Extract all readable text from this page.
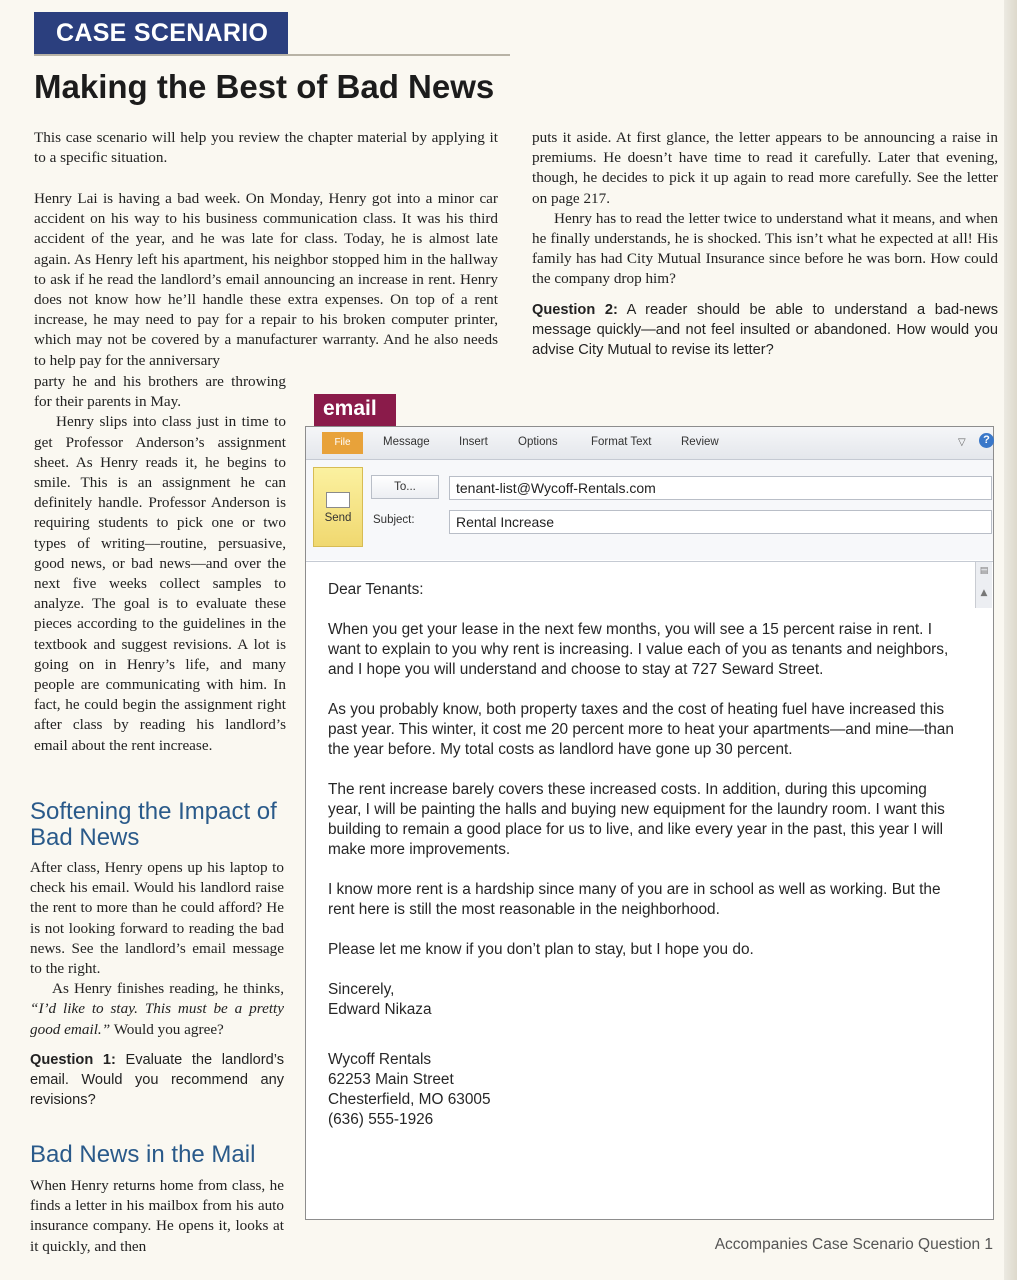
CASE SCENARIO
Making the Best of Bad News

This case scenario will help you review the chapter material by applying it to a specific situation.

Henry Lai is having a bad week. On Monday, Henry got into a minor car accident on his way to his business communication class. It was his third accident of the year, and he was late for class. Today, he is almost late again. As Henry left his apartment, his neighbor stopped him in the hallway to ask if he read the landlord’s email announcing an increase in rent. Henry does not know how he’ll handle these extra expenses. On top of a rent increase, he may need to pay for a repair to his broken computer printer, which may not be covered by a manufacturer warranty. And he also needs to help pay for the anniversary

party he and his brothers are throwing for their parents in May.

Henry slips into class just in time to get Professor Anderson’s assignment sheet. As Henry reads it, he begins to smile. This is an assignment he can definitely handle. Professor Anderson is requiring students to pick one or two types of writing—routine, persuasive, good news, or bad news—and over the next five weeks collect samples to analyze. The goal is to evaluate these pieces according to the guidelines in the textbook and suggest revisions. A lot is going on in Henry’s life, and many people are communicating with him. In fact, he could begin the assignment right after class by reading his landlord’s email about the rent increase.

Softening the Impact of Bad News

After class, Henry opens up his laptop to check his email. Would his landlord raise the rent to more than he could afford? He is not looking forward to reading the bad news. See the landlord’s email message to the right.

As Henry finishes reading, he thinks, “I’d like to stay. This must be a pretty good email.” Would you agree?

Question 1: Evaluate the landlord’s email. Would you recommend any revisions?
Bad News in the Mail

When Henry returns home from class, he finds a letter in his mailbox from his auto insurance company. He opens it, looks at it quickly, and then

puts it aside. At first glance, the letter appears to be announcing a raise in premiums. He doesn’t have time to read it carefully. Later that evening, though, he decides to pick it up again to read more carefully. See the letter on page 217.

Henry has to read the letter twice to understand what it means, and when he finally understands, he is shocked. This isn’t what he expected at all! His family has had City Mutual Insurance since before he was born. How could the company drop him?

Question 2: A reader should be able to understand a bad-news message quickly—and not feel insulted or abandoned. How would you advise City Mutual to revise its letter?
email
File	Message	Insert	Options	Format Text	Review	▽	?
Send
To...
Subject:
tenant-list@Wycoff-Rentals.com
Rental Increase
▤
▲

Dear Tenants:

When you get your lease in the next few months, you will see a 15 percent raise in rent. I want to explain to you why rent is increasing. I value each of you as tenants and neighbors, and I hope you will understand and choose to stay at 727 Seward Street.

As you probably know, both property taxes and the cost of heating fuel have increased this past year. This winter, it cost me 20 percent more to heat your apartments—and mine—than the year before. My total costs as landlord have gone up 30 percent.

The rent increase barely covers these increased costs. In addition, during this upcoming year, I will be painting the halls and buying new equipment for the laundry room. I want this building to remain a good place for us to live, and like every year in the past, this year I will make more improvements.

I know more rent is a hardship since many of you are in school as well as working. But the rent here is still the most reasonable in the neighborhood.

Please let me know if you don’t plan to stay, but I hope you do.

Sincerely,

Edward Nikaza

Wycoff Rentals

62253 Main Street

Chesterfield, MO 63005

(636) 555-1926

Accompanies Case Scenario Question 1
